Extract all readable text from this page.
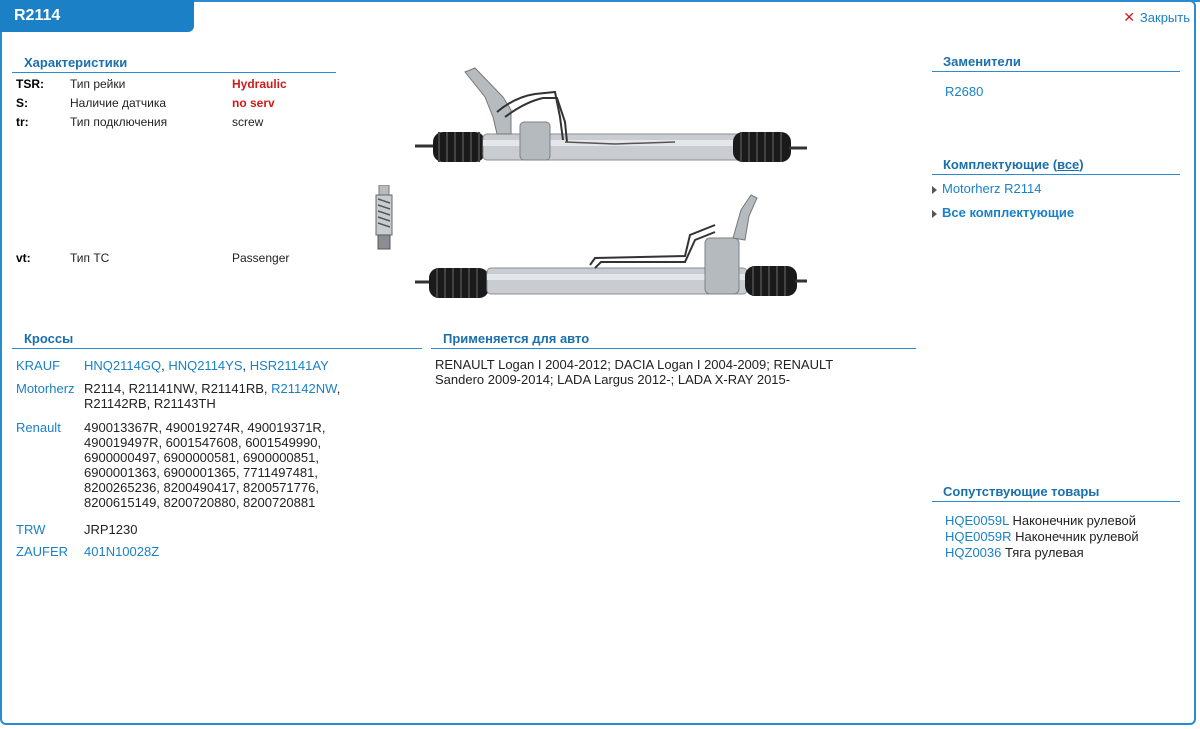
R2114	✕ Закрыть
Характеристики
TSR:	Тип рейки	Hydraulic
S:	Наличие датчика	no serv
tr:	Тип подключения	screw
vt:	Тип ТС	Passenger
Кроссы
KRAUF	HNQ2114GQ, HNQ2114YS, HSR21141AY
Motorherz R2114, R21141NW, R21141RB, R21142NW,
R21142RB, R21143TH
Renault	490013367R, 490019274R, 490019371R,
490019497R, 6001547608, 6001549990,
6900000497, 6900000581, 6900000851,
6900001363, 6900001365, 7711497481,
8200265236, 8200490417, 8200571776,
8200615149, 8200720880, 8200720881
TRW	JRP1230
ZAUFER	401N10028Z
Применяется для авто
RENAULT Logan I 2004-2012; DACIA Logan I 2004-2009; RENAULT
Sandero 2009-2014; LADA Largus 2012-; LADA X-RAY 2015-
Заменители
R2680
Комплектующие (все)
Motorherz R2114
Все комплектующие
Сопутствующие товары
HQE0059L Наконечник рулевой
HQE0059R Наконечник рулевой
HQZ0036 Тяга рулевая
